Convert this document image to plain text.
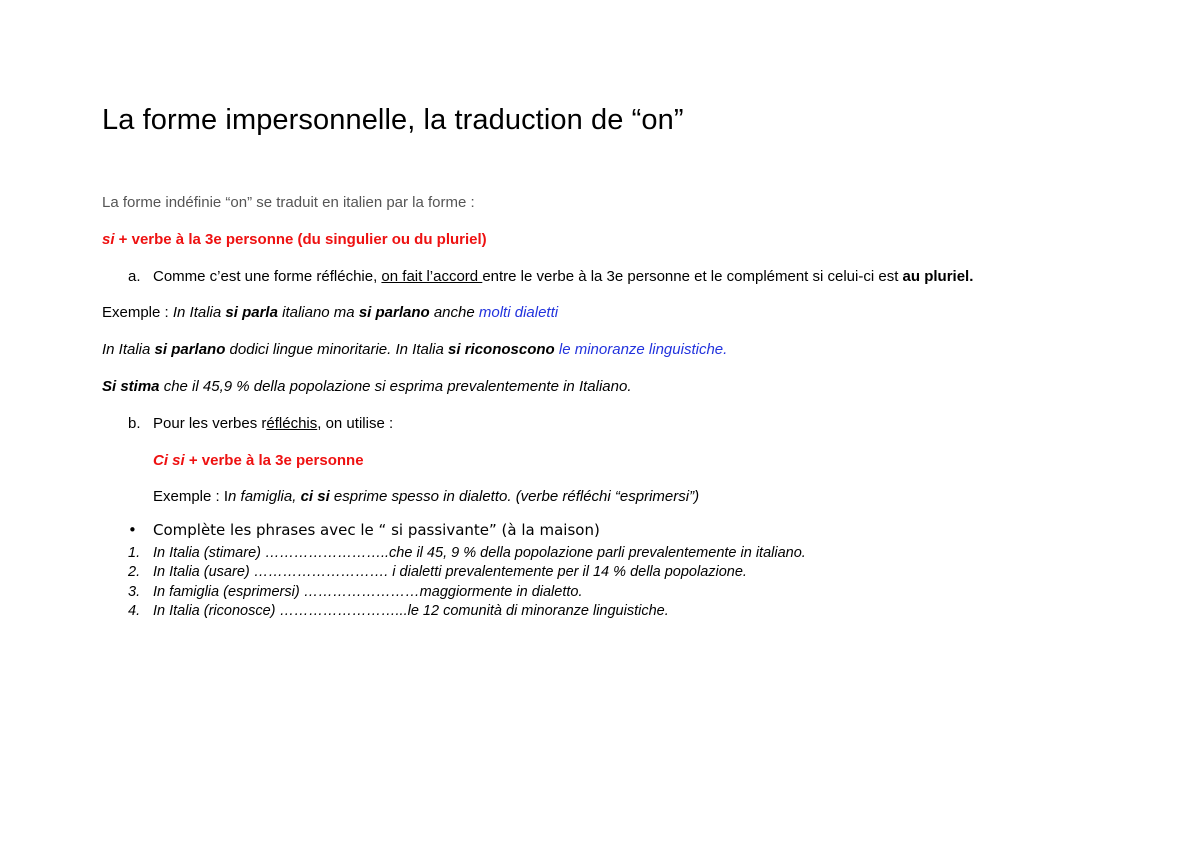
La forme impersonnelle, la traduction de “on”
La forme indéfinie “on” se traduit en italien par la forme :
si + verbe à la 3e personne (du singulier ou du pluriel)
a. Comme c’est une forme réfléchie, on fait l’accord entre le verbe à la 3e personne et le complément si celui-ci est au pluriel.
Exemple : In Italia si parla italiano ma si parlano anche molti dialetti
In Italia si parlano dodici lingue minoritarie. In Italia si riconoscono le minoranze linguistiche.
Si stima che il 45,9 % della popolazione si esprima prevalentemente in Italiano.
b. Pour les verbes réfléchis, on utilise :
Ci si + verbe à la 3e personne
Exemple : In famiglia, ci si esprime spesso in dialetto. (verbe réfléchi “esprimersi”)
• Complète les phrases avec le “ si passivante” (à la maison)
1. In Italia (stimare) ……………………..che il 45, 9 % della popolazione parli prevalentemente in italiano.
2. In Italia (usare) ………………………. i dialetti prevalentemente per il 14 % della popolazione.
3. In famiglia (esprimersi) ……………………maggiormente in dialetto.
4. In Italia (riconosce) ……………………...le 12 comunità di minoranze linguistiche.
